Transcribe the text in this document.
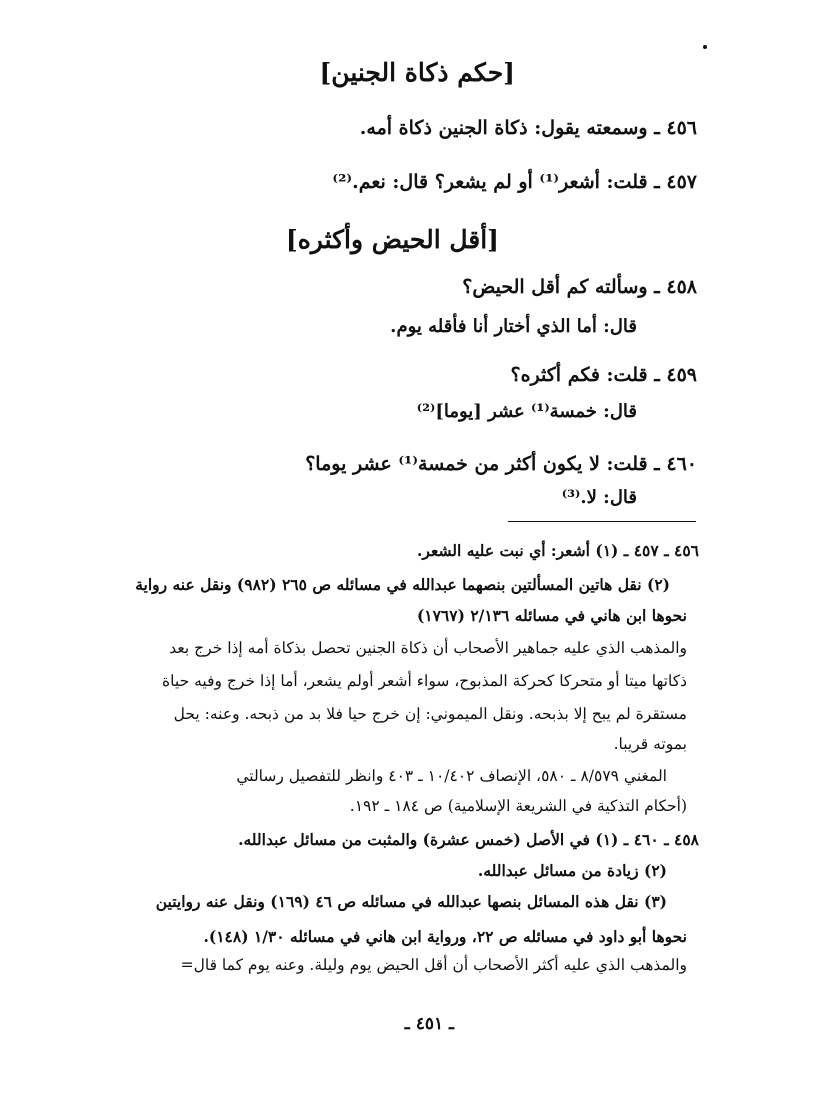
[حكم ذكاة الجنين]
٤٥٦ ـ وسمعته يقول: ذكاة الجنين ذكاة أمه.
٤٥٧ ـ قلت: أشعر⁽¹⁾ أو لم يشعر؟ قال: نعم.⁽²⁾
[أقل الحيض وأكثره]
٤٥٨ ـ وسألته كم أقل الحيض؟
قال: أما الذي أختار أنا فأقله يوم.
٤٥٩ ـ قلت: فكم أكثره؟
قال: خمسة⁽¹⁾ عشر [يوما]⁽²⁾
٤٦٠ ـ قلت: لا يكون أكثر من خمسة⁽¹⁾ عشر يوما؟
قال: لا.⁽³⁾
٤٥٦ ـ ٤٥٧ ـ (١) أشعر: أي نبت عليه الشعر.
(٢) نقل هاتين المسألتين بنصهما عبدالله في مسائله ص ٢٦٥ (٩٨٢) ونقل عنه رواية
نحوها ابن هاني في مسائله ٢/١٣٦ (١٧٦٧)
والمذهب الذي عليه جماهير الأصحاب أن ذكاة الجنين تحصل بذكاة أمه إذا خرج بعد
ذكاتها ميتا أو متحركا كحركة المذبوح، سواء أشعر أولم يشعر، أما إذا خرج وفيه حياة
مستقرة لم يبح إلا بذبحه. ونقل الميموني: إن خرج حيا فلا بد من ذبحه. وعنه: يحل
بموته قريبا.
المغني ٨/٥٧٩ ـ ٥٨٠، الإنصاف ١٠/٤٠٢ ـ ٤٠٣ وانظر للتفصيل رسالتي
(أحكام التذكية في الشريعة الإسلامية) ص ١٨٤ ـ ١٩٢.
٤٥٨ ـ ٤٦٠ ـ (١) في الأصل (خمس عشرة) والمثبت من مسائل عبدالله.
(٢) زيادة من مسائل عبدالله.
(٣) نقل هذه المسائل بنصها عبدالله في مسائله ص ٤٦ (١٦٩) ونقل عنه روايتين
نحوها أبو داود في مسائله ص ٢٢، ورواية ابن هاني في مسائله ١/٣٠ (١٤٨).
والمذهب الذي عليه أكثر الأصحاب أن أقل الحيض يوم وليلة. وعنه يوم كما قال=
ـ ٤٥١ ـ
